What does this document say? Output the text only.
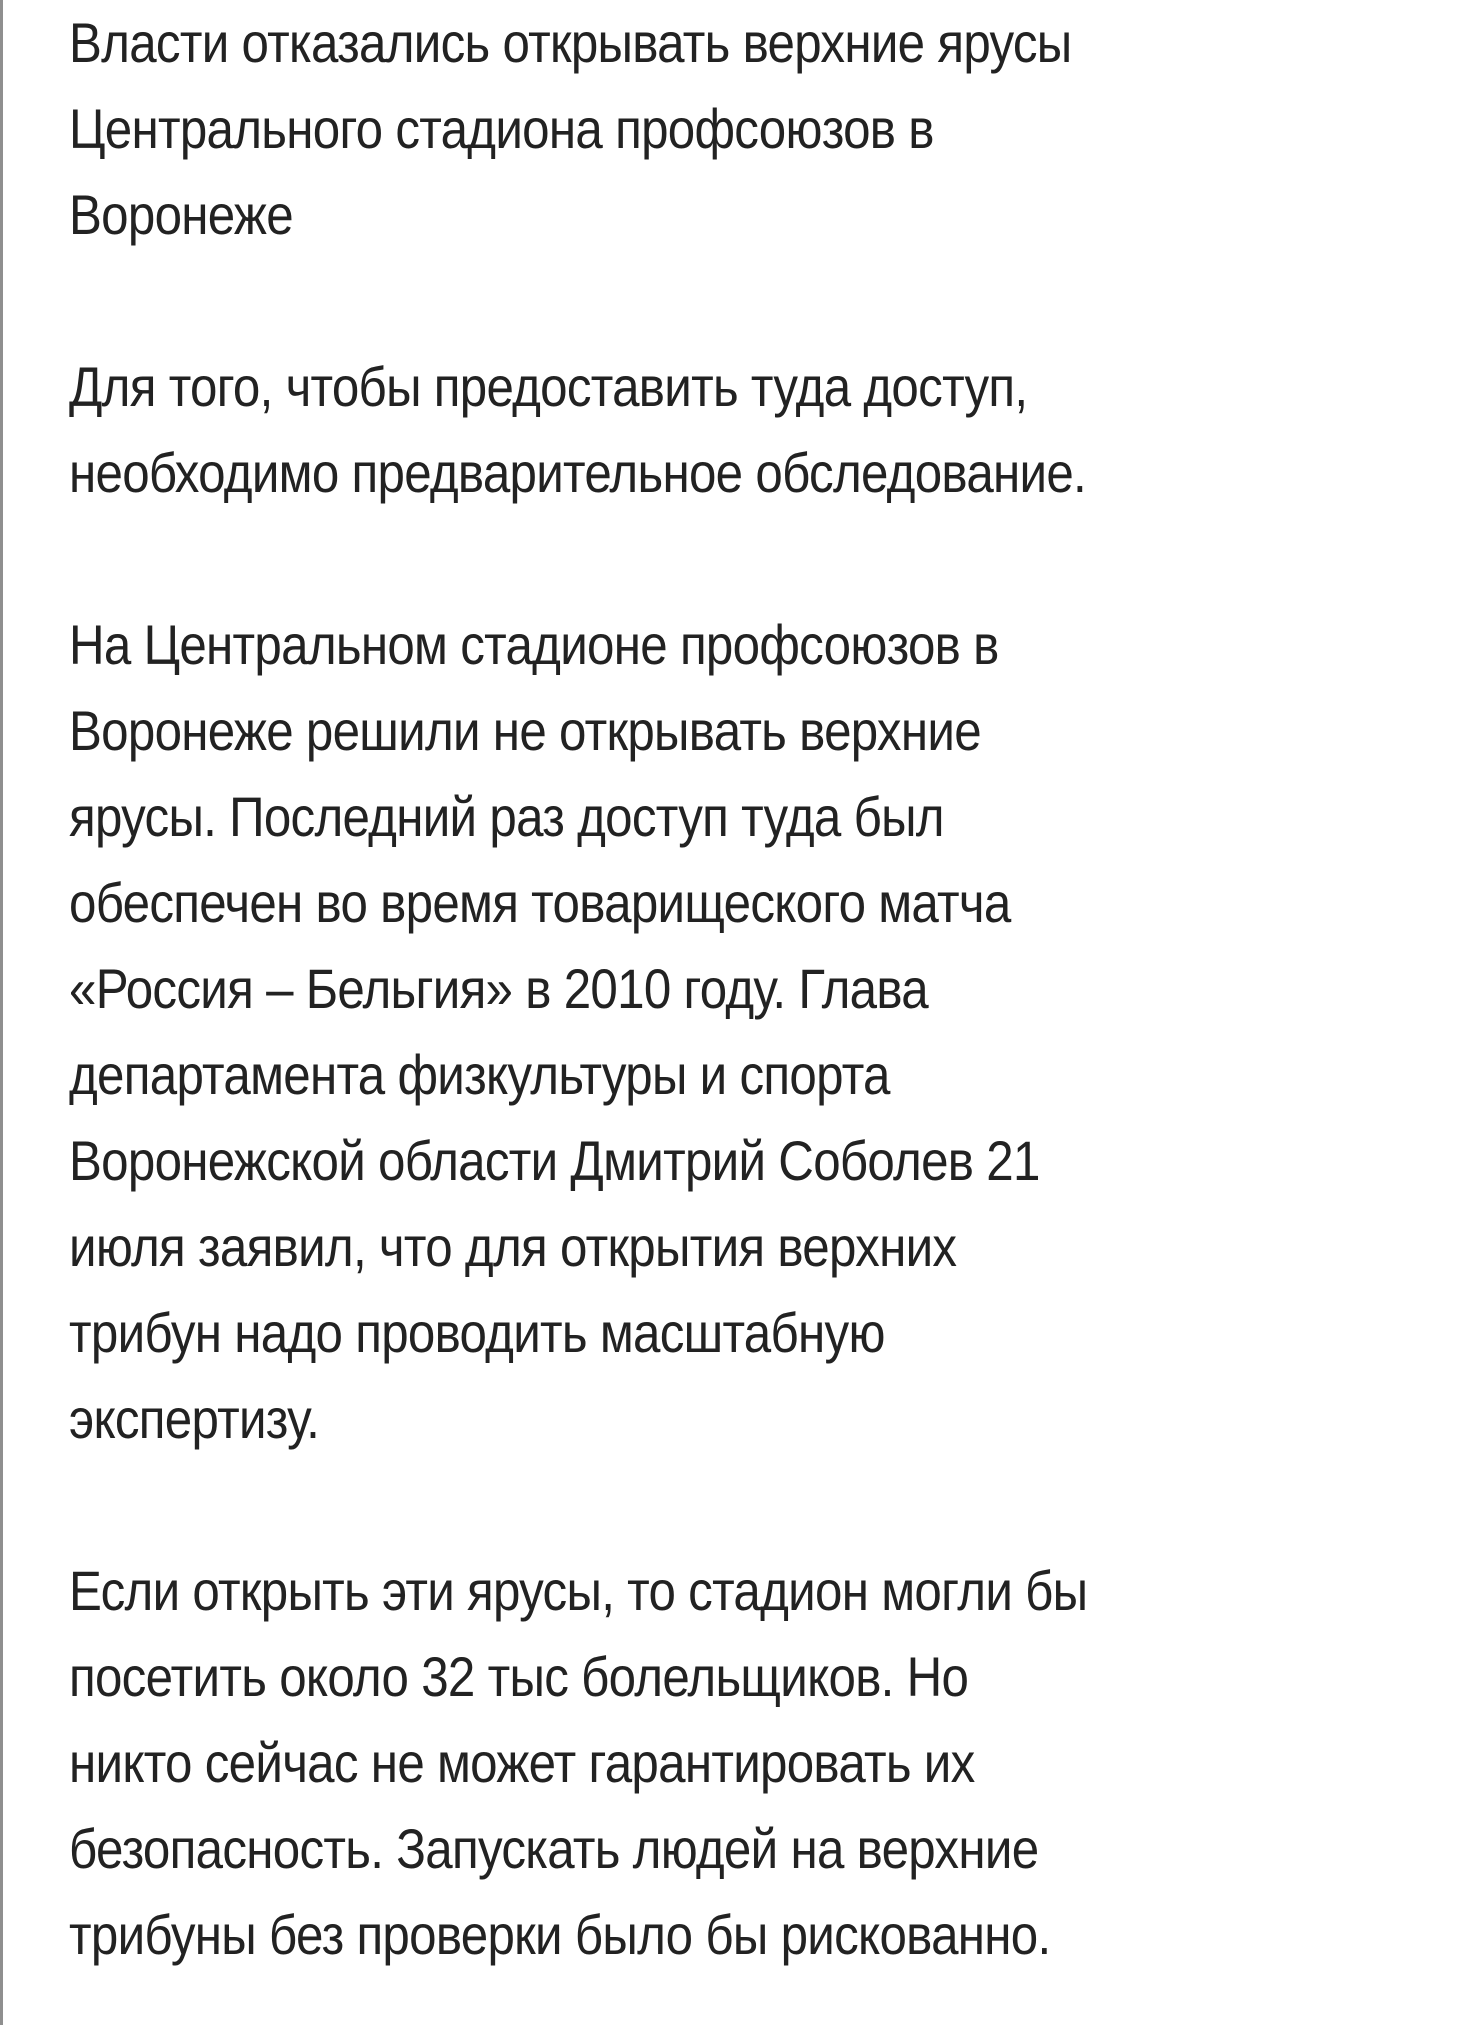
Власти отказались открывать верхние ярусы
Центрального стадиона профсоюзов в
Воронеже

Для того, чтобы предоставить туда доступ,
необходимо предварительное обследование.

На Центральном стадионе профсоюзов в
Воронеже решили не открывать верхние
ярусы. Последний раз доступ туда был
обеспечен во время товарищеского матча
«Россия – Бельгия» в 2010 году. Глава
департамента физкультуры и спорта
Воронежской области Дмитрий Соболев 21
июля заявил, что для открытия верхних
трибун надо проводить масштабную
экспертизу.

Если открыть эти ярусы, то стадион могли бы
посетить около 32 тыс болельщиков. Но
никто сейчас не может гарантировать их
безопасность. Запускать людей на верхние
трибуны без проверки было бы рискованно.
